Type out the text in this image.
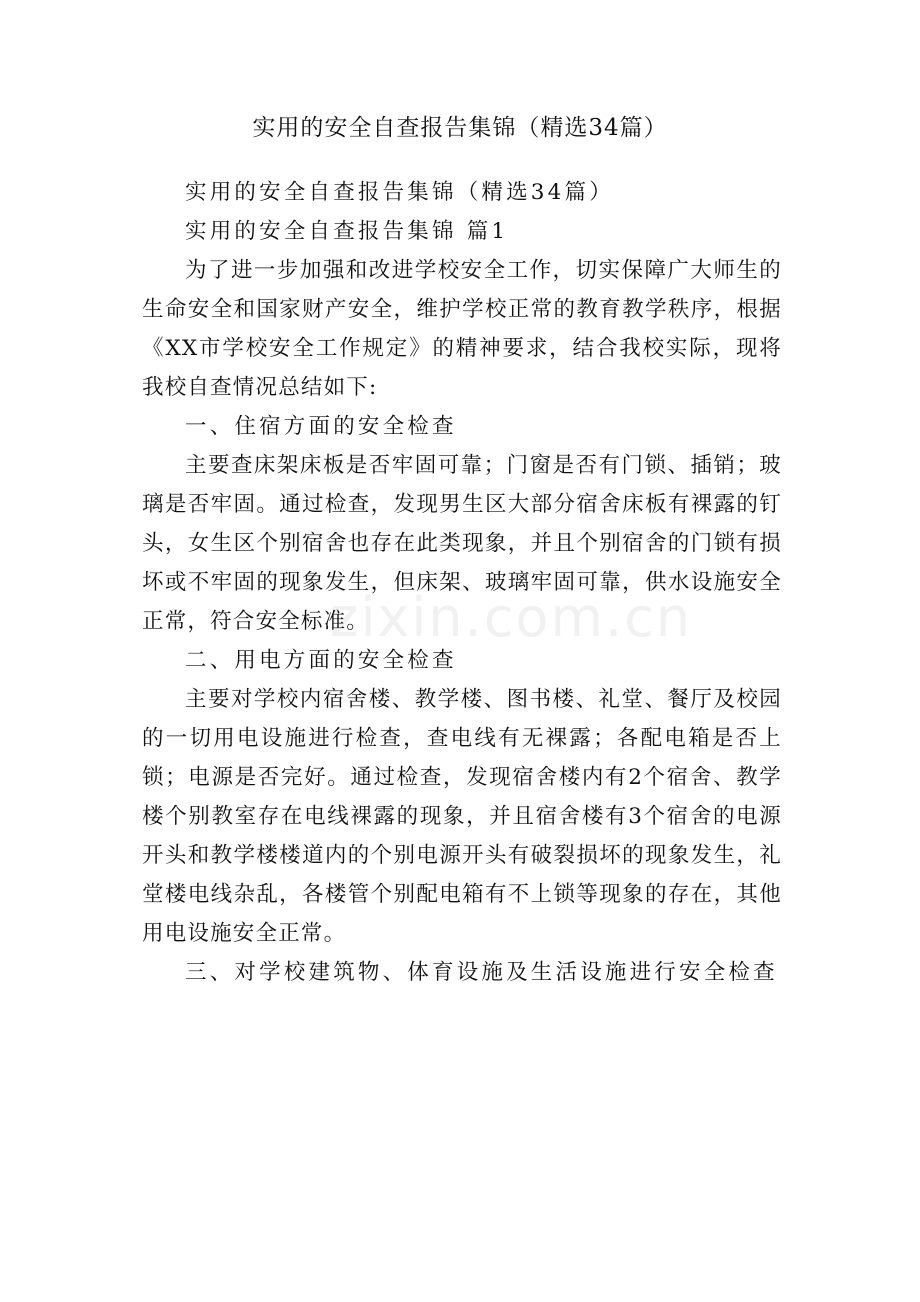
实用的安全自查报告集锦（精选34篇）

实用的安全自查报告集锦（精选34篇）

实用的安全自查报告集锦 篇1

为了进一步加强和改进学校安全工作，切实保障广大师生的生命安全和国家财产安全，维护学校正常的教育教学秩序，根据《XX市学校安全工作规定》的精神要求，结合我校实际，现将我校自查情况总结如下:

一、住宿方面的安全检查

主要查床架床板是否牢固可靠；门窗是否有门锁、插销；玻璃是否牢固。通过检查，发现男生区大部分宿舍床板有裸露的钉头，女生区个别宿舍也存在此类现象，并且个别宿舍的门锁有损坏或不牢固的现象发生，但床架、玻璃牢固可靠，供水设施安全正常，符合安全标准。

二、用电方面的安全检查

主要对学校内宿舍楼、教学楼、图书楼、礼堂、餐厅及校园的一切用电设施进行检查，查电线有无裸露；各配电箱是否上锁；电源是否完好。通过检查，发现宿舍楼内有2个宿舍、教学楼个别教室存在电线裸露的现象，并且宿舍楼有3个宿舍的电源开头和教学楼楼道内的个别电源开头有破裂损坏的现象发生，礼堂楼电线杂乱，各楼管个别配电箱有不上锁等现象的存在，其他用电设施安全正常。

三、对学校建筑物、体育设施及生活设施进行安全检查

zixin.com.cn
